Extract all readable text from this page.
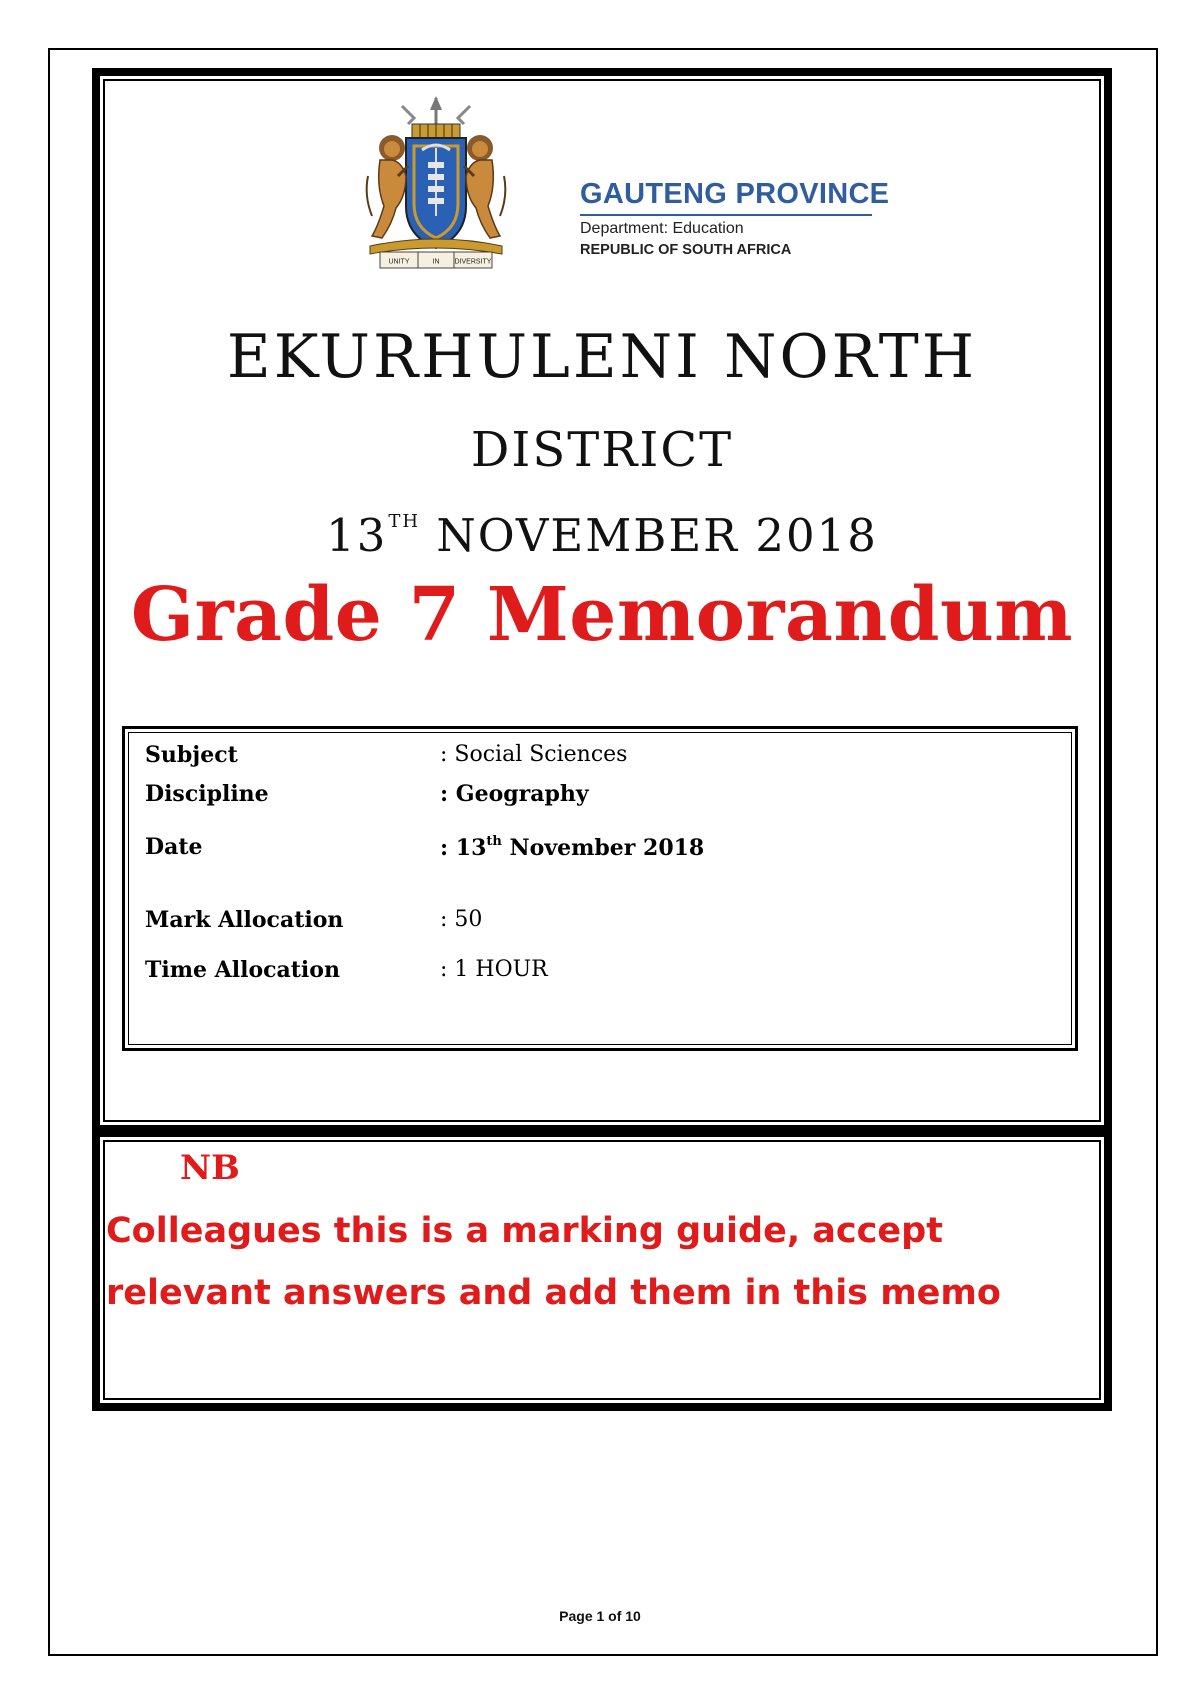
UNITY	IN DIVERSITY
GAUTENG PROVINCE
Department: Education
REPUBLIC OF SOUTH AFRICA
EKURHULENI NORTH
DISTRICT
13TH NOVEMBER 2018
Grade 7 Memorandum
Subject	: Social Sciences
Discipline	: Geography
Date	: 13th November 2018
Mark Allocation	: 50
Time Allocation	: 1 HOUR
NB
Colleagues this is a marking guide, accept relevant answers and add them in this memo
Page 1 of 10
